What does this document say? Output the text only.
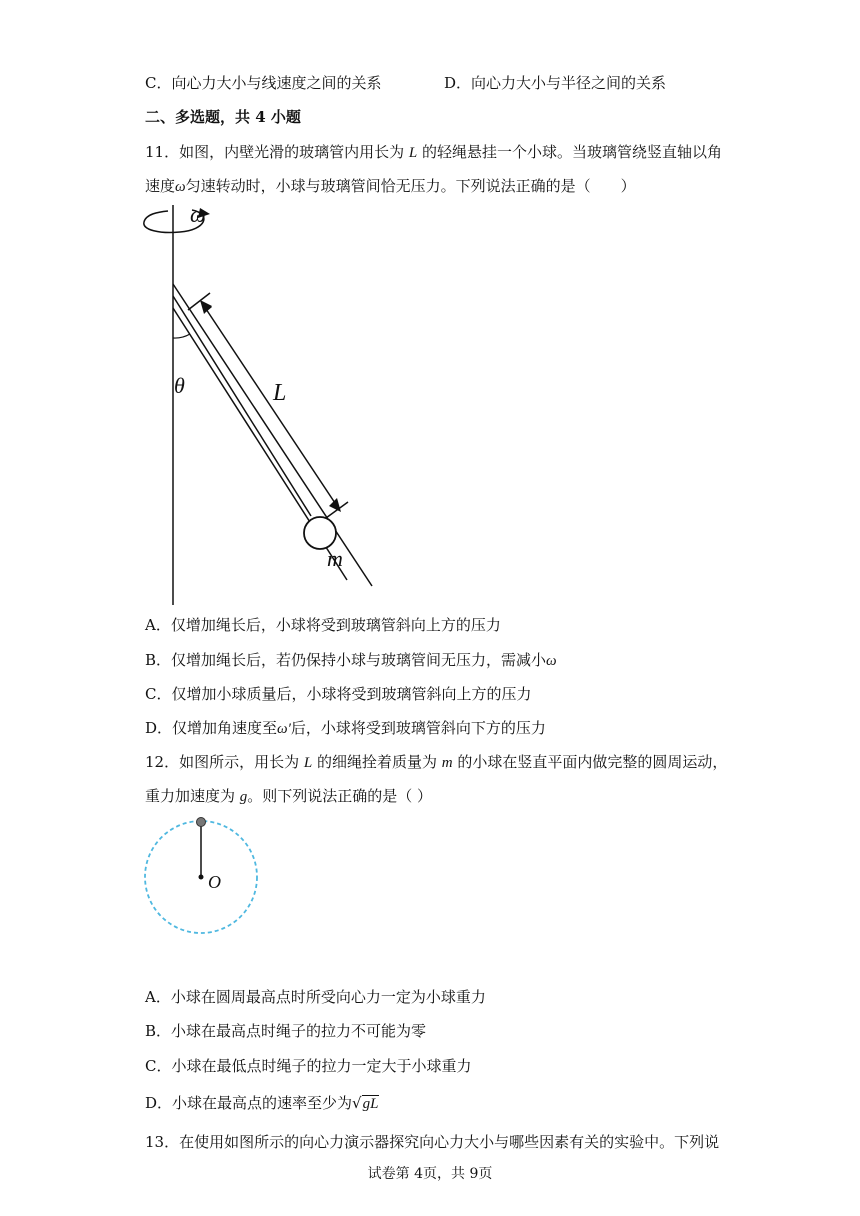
C．向心力大小与线速度之间的关系	D．向心力大小与半径之间的关系
二、多选题，共 4 小题
11．如图，内壁光滑的玻璃管内用长为 L 的轻绳悬挂一个小球。当玻璃管绕竖直轴以角
速度ω匀速转动时，小球与玻璃管间恰无压力。下列说法正确的是（　　）
ω
θ	L
m
A．仅增加绳长后，小球将受到玻璃管斜向上方的压力
B．仅增加绳长后，若仍保持小球与玻璃管间无压力，需减小ω
C．仅增加小球质量后，小球将受到玻璃管斜向上方的压力
D．仅增加角速度至ω′后，小球将受到玻璃管斜向下方的压力
12．如图所示，用长为 L 的细绳拴着质量为 m 的小球在竖直平面内做完整的圆周运动，
重力加速度为 g。则下列说法正确的是（ ）
O
A．小球在圆周最高点时所受向心力一定为小球重力
B．小球在最高点时绳子的拉力不可能为零
C．小球在最低点时绳子的拉力一定大于小球重力
D．小球在最高点的速率至少为√gL
13．在使用如图所示的向心力演示器探究向心力大小与哪些因素有关的实验中。下列说
试卷第 4页，共 9页
